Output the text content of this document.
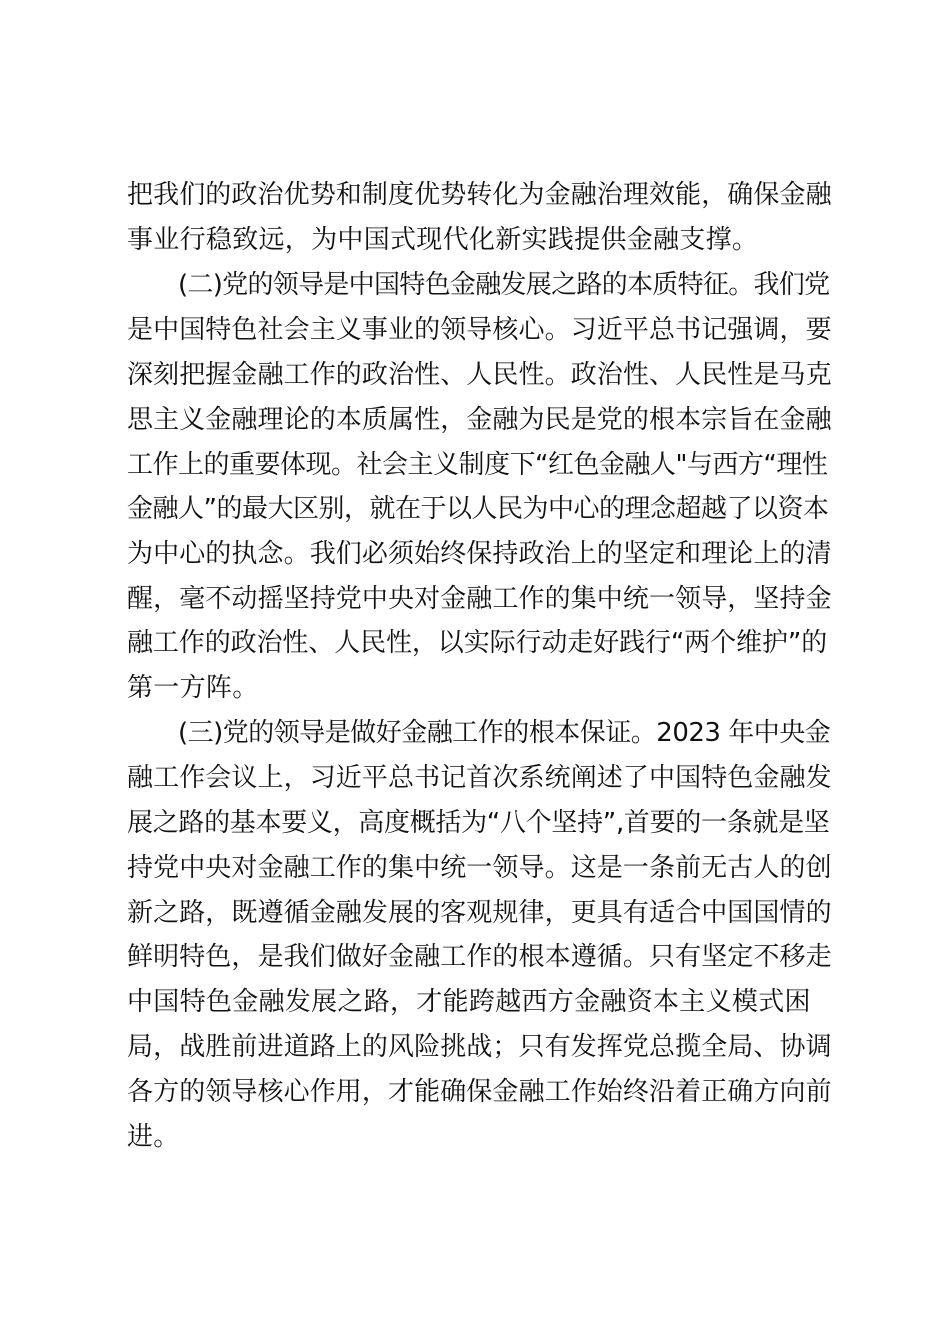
把我们的政治优势和制度优势转化为金融治理效能，确保金融
事业行稳致远，为中国式现代化新实践提供金融支撑。
(二)党的领导是中国特色金融发展之路的本质特征。我们党
是中国特色社会主义事业的领导核心。习近平总书记强调，要
深刻把握金融工作的政治性、人民性。政治性、人民性是马克
思主义金融理论的本质属性，金融为民是党的根本宗旨在金融
工作上的重要体现。社会主义制度下“红色金融人"与西方“理性
金融人”的最大区别，就在于以人民为中心的理念超越了以资本
为中心的执念。我们必须始终保持政治上的坚定和理论上的清
醒，毫不动摇坚持党中央对金融工作的集中统一领导，坚持金
融工作的政治性、人民性，以实际行动走好践行“两个维护”的
第一方阵。
(三)党的领导是做好金融工作的根本保证。2023 年中央金
融工作会议上，习近平总书记首次系统阐述了中国特色金融发
展之路的基本要义，高度概括为“八个坚持”,首要的一条就是坚
持党中央对金融工作的集中统一领导。这是一条前无古人的创
新之路，既遵循金融发展的客观规律，更具有适合中国国情的
鲜明特色，是我们做好金融工作的根本遵循。只有坚定不移走
中国特色金融发展之路，才能跨越西方金融资本主义模式困
局，战胜前进道路上的风险挑战；只有发挥党总揽全局、协调
各方的领导核心作用，才能确保金融工作始终沿着正确方向前
进。
